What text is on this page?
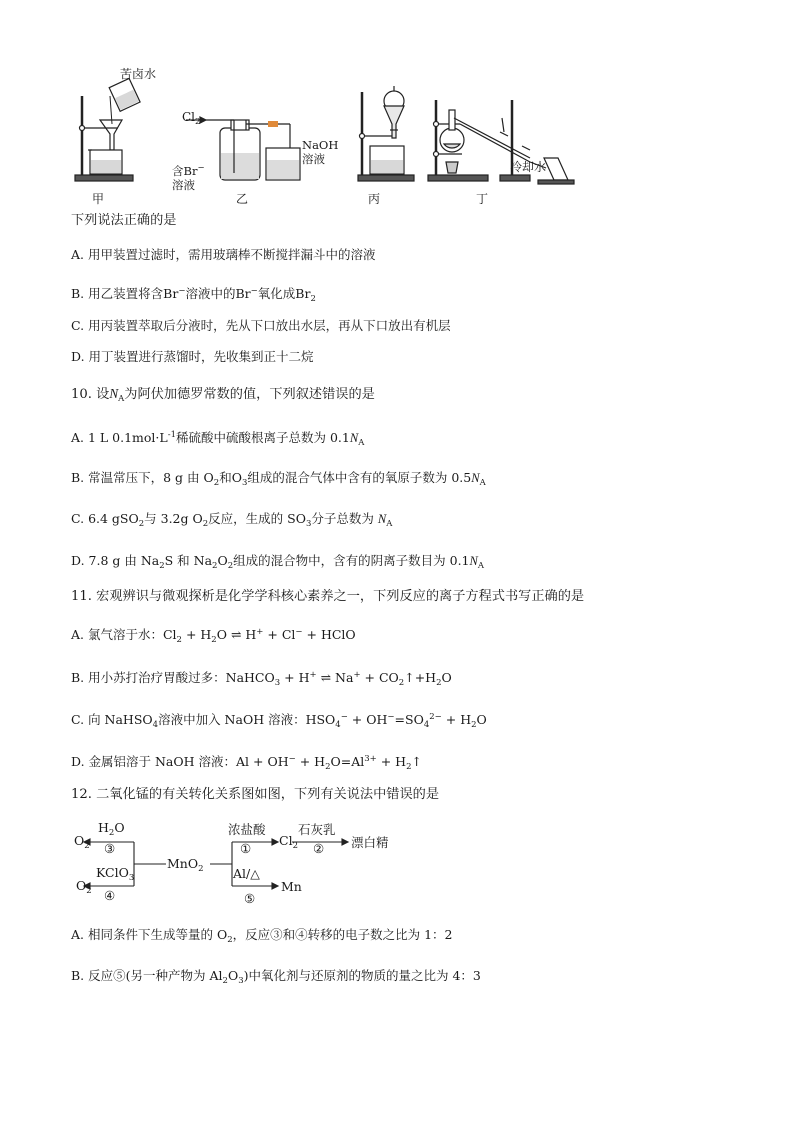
苦卤水
甲
$Cl_2$
含Br−
溶液
NaOH
溶液
乙	丙	丁
冷却水
下列说法正确的是
A. 用甲装置过滤时，需用玻璃棒不断搅拌漏斗中的溶液
B. 用乙装置将含Br−溶液中的Br−氧化成$Br_2$
C. 用丙装置萃取后分液时，先从下口放出水层，再从下口放出有机层
D. 用丁装置进行蒸馏时，先收集到正十二烷
10. 设$N_A$为阿伏加德罗常数的值，下列叙述错误的是
A. 1 L $0.1mol\cdot L^{-1}$稀硫酸中硫酸根离子总数为 $0.1N_A$
B. 常温常压下，8 g 由 $O_2$和$O_3$组成的混合气体中含有的氧原子数为 $0.5N_A$
C. 6.4 gSO$_2$与 3.2g $O_2$反应，生成的 $SO_3$分子总数为 $N_A$
D. 7.8 g 由 $Na_2S$ 和 $Na_2O_2$组成的混合物中，含有的阴离子数目为 $0.1N_A$
11. 宏观辨识与微观探析是化学学科核心素养之一，下列反应的离子方程式书写正确的是
A. 氯气溶于水：$Cl_2 + H_2O$ ⇌ H+ + Cl− + HClO
B. 用小苏打治疗胃酸过多：NaHCO$_3$ + H+ ⇌ $Na^+ + CO_2↑+H_2O$
C. 向 NaHSO$_4$溶液中加入 NaOH 溶液：$HSO_4^- + OH^-=SO_4^{2-} + H_2O$
D. 金属铝溶于 NaOH 溶液：$Al + OH^- + H_2O=Al^{3+}$ + $H_2↑$
12. 二氧化锰的有关转化关系图如图，下列有关说法中错误的是
$H_2O$
$O_2$ ③
KClO$_3$
$O_2$ ④
MnO$_2$
浓盐酸
①
$Cl_2$
石灰乳
② 漂白精
Al/△
⑤
Mn
A. 相同条件下生成等量的 $O_2$，反应③和④转移的电子数之比为 1：2
B. 反应⑤(另一种产物为 $Al_2O_3$)中氧化剂与还原剂的物质的量之比为 4：3
